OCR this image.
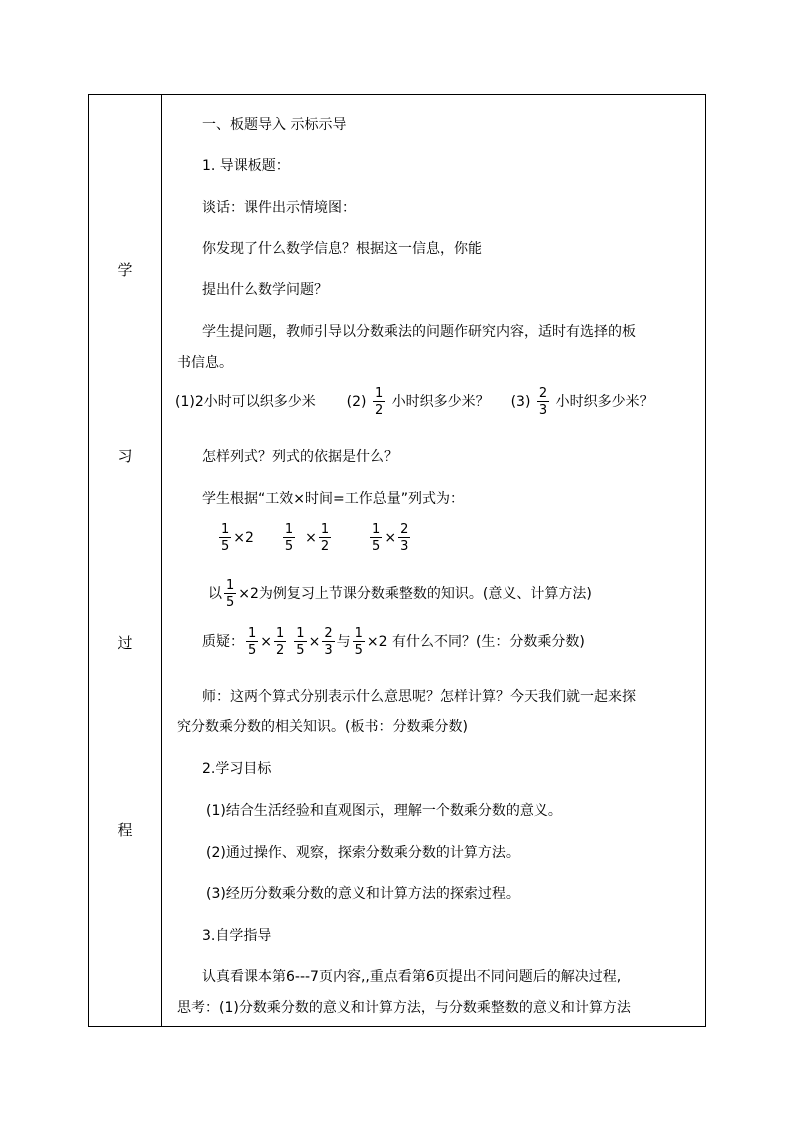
学
习
过
程
一、板题导入 示标示导
1. 导课板题：
谈话：课件出示情境图：
你发现了什么数学信息？根据这一信息，你能
提出什么数学问题？
学生提问题，教师引导以分数乘法的问题作研究内容，适时有选择的板
书信息。
(1)2小时可以织多少米 $(2) \frac{1}{2}$ 小时织多少米？ $(3) \frac{2}{3}$ 小时织多少米？
怎样列式？列式的依据是什么？
学生根据“工效×时间=工作总量”列式为：
$\frac{1}{5} \times 2 \frac{1}{5} \times \frac{1}{2}$
	$\frac{1}{5} \times \frac{2}{3}$
以 $\frac{1}{5} \times 2$为例复习上节课分数乘整数的知识。(意义、计算方法)
质疑： $\frac{1}{5} \times \frac{1}{2} \frac{1}{5} \times \frac{2}{3}$ 与 $\frac{1}{5} \times 2$ 有什么不同？(生：分数乘分数)
师：这两个算式分别表示什么意思呢？怎样计算？今天我们就一起来探
究分数乘分数的相关知识。(板书：分数乘分数)
2.学习目标
(1)结合生活经验和直观图示，理解一个数乘分数的意义。
(2)通过操作、观察，探索分数乘分数的计算方法。
(3)经历分数乘分数的意义和计算方法的探索过程。
3.自学指导
认真看课本第6---7页内容,,重点看第6页提出不同问题后的解决过程,
思考：(1)分数乘分数的意义和计算方法，与分数乘整数的意义和计算方法
